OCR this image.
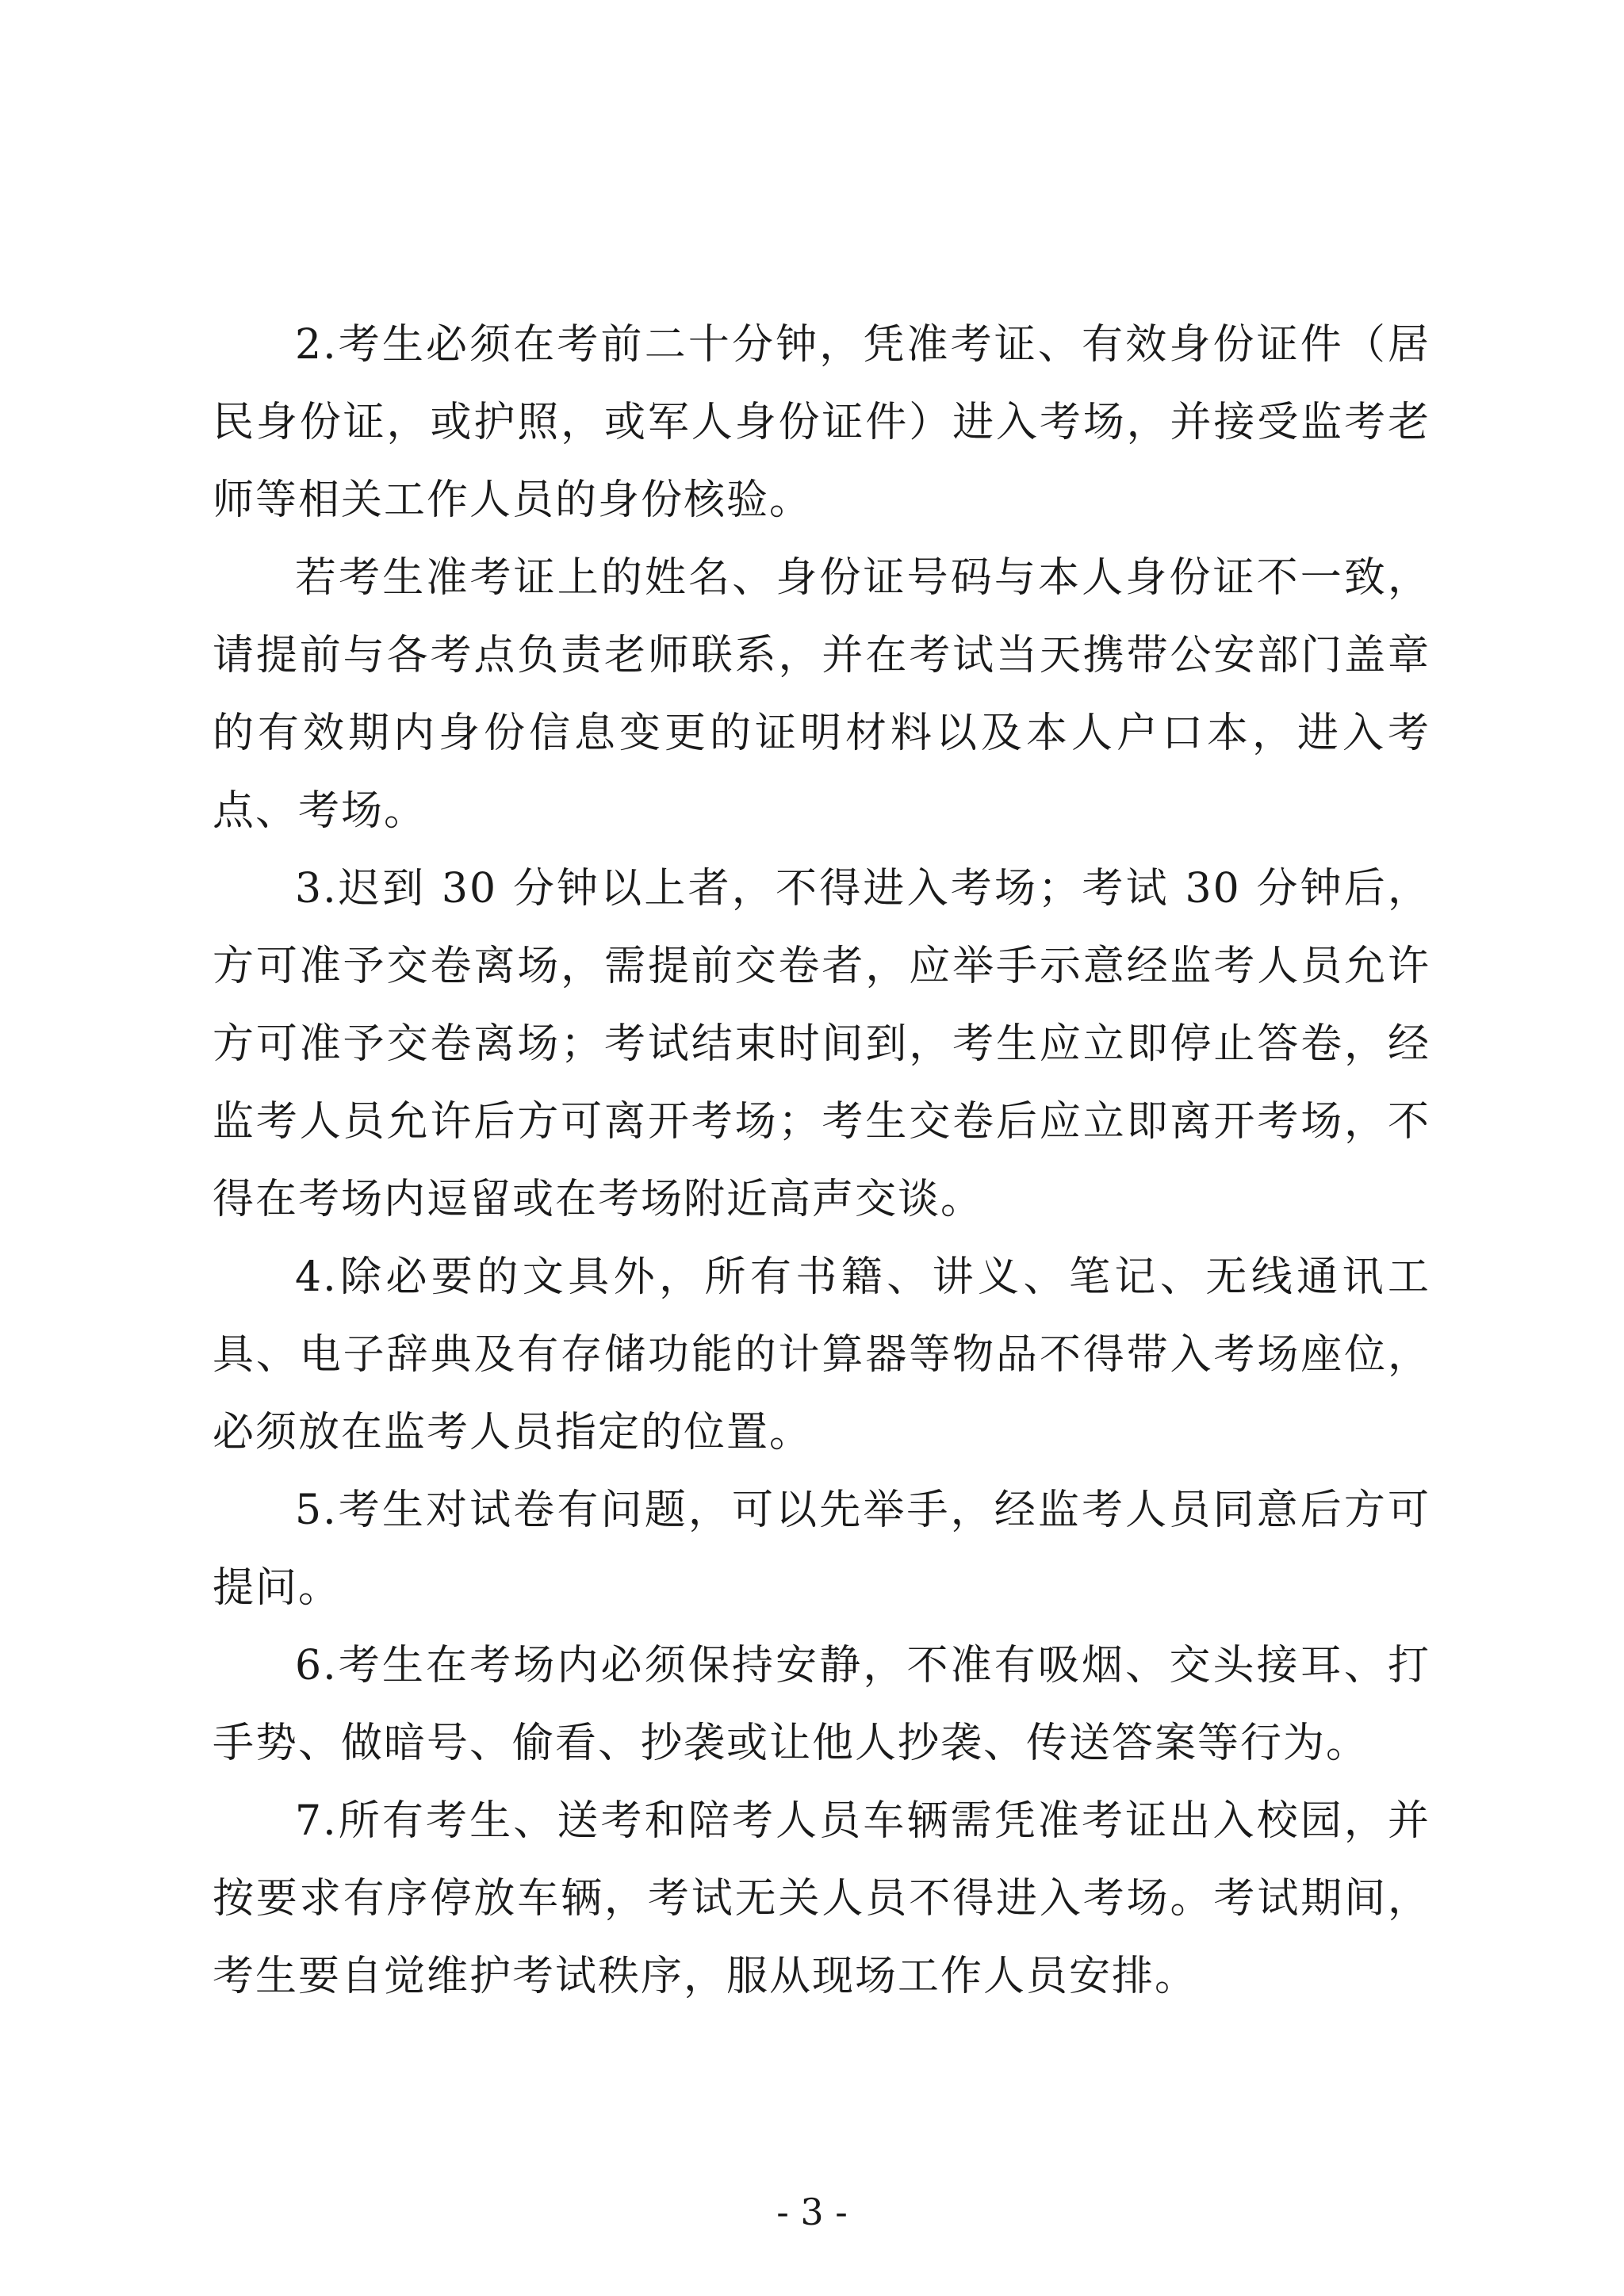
2.考生必须在考前二十分钟，凭准考证、有效身份证件（居民身份证，或护照，或军人身份证件）进入考场，并接受监考老师等相关工作人员的身份核验。

若考生准考证上的姓名、身份证号码与本人身份证不一致，请提前与各考点负责老师联系，并在考试当天携带公安部门盖章的有效期内身份信息变更的证明材料以及本人户口本，进入考点、考场。

3.迟到 30 分钟以上者，不得进入考场；考试 30 分钟后，方可准予交卷离场，需提前交卷者，应举手示意经监考人员允许方可准予交卷离场；考试结束时间到，考生应立即停止答卷，经监考人员允许后方可离开考场；考生交卷后应立即离开考场，不得在考场内逗留或在考场附近高声交谈。

4.除必要的文具外，所有书籍、讲义、笔记、无线通讯工具、电子辞典及有存储功能的计算器等物品不得带入考场座位，必须放在监考人员指定的位置。

5.考生对试卷有问题，可以先举手，经监考人员同意后方可提问。

6.考生在考场内必须保持安静，不准有吸烟、交头接耳、打手势、做暗号、偷看、抄袭或让他人抄袭、传送答案等行为。

7.所有考生、送考和陪考人员车辆需凭准考证出入校园，并按要求有序停放车辆，考试无关人员不得进入考场。考试期间，考生要自觉维护考试秩序，服从现场工作人员安排。

- 3 -
